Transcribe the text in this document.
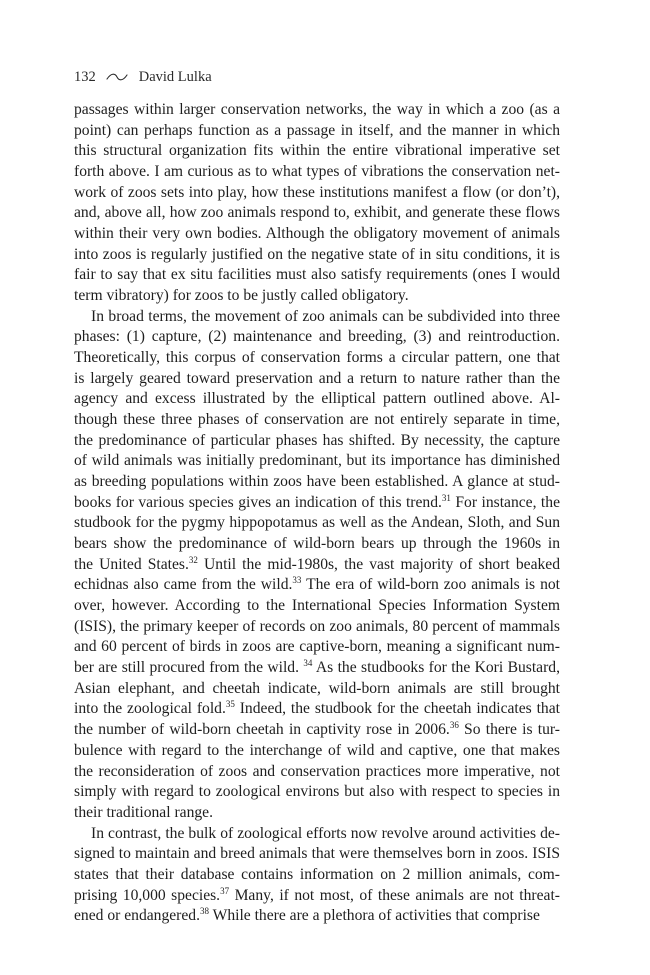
132	David Lulka
passages within larger conservation networks, the way in which a zoo (as a
point) can perhaps function as a passage in itself, and the manner in which
this structural organization fits within the entire vibrational imperative set
forth above. I am curious as to what types of vibrations the conservation net-
work of zoos sets into play, how these institutions manifest a flow (or don’t),
and, above all, how zoo animals respond to, exhibit, and generate these flows
within their very own bodies. Although the obligatory movement of animals
into zoos is regularly justified on the negative state of in situ conditions, it is
fair to say that ex situ facilities must also satisfy requirements (ones I would
term vibratory) for zoos to be justly called obligatory.
In broad terms, the movement of zoo animals can be subdivided into three
phases: (1) capture, (2) maintenance and breeding, (3) and reintroduction.
Theoretically, this corpus of conservation forms a circular pattern, one that
is largely geared toward preservation and a return to nature rather than the
agency and excess illustrated by the elliptical pattern outlined above. Al-
though these three phases of conservation are not entirely separate in time,
the predominance of particular phases has shifted. By necessity, the capture
of wild animals was initially predominant, but its importance has diminished
as breeding populations within zoos have been established. A glance at stud-
books for various species gives an indication of this trend.$^{31}$ For instance, the
studbook for the pygmy hippopotamus as well as the Andean, Sloth, and Sun
bears show the predominance of wild-born bears up through the 1960s in
the United States.$^{32}$ Until the mid-1980s, the vast majority of short beaked
echidnas also came from the wild.$^{33}$ The era of wild-born zoo animals is not
over, however. According to the International Species Information System
(ISIS), the primary keeper of records on zoo animals, 80 percent of mammals
and 60 percent of birds in zoos are captive-born, meaning a significant num-
ber are still procured from the wild. $^{34}$ As the studbooks for the Kori Bustard,
Asian elephant, and cheetah indicate, wild-born animals are still brought
into the zoological fold.$^{35}$ Indeed, the studbook for the cheetah indicates that
the number of wild-born cheetah in captivity rose in 2006.36 So there is tur-
bulence with regard to the interchange of wild and captive, one that makes
the reconsideration of zoos and conservation practices more imperative, not
simply with regard to zoological environs but also with respect to species in
their traditional range.
In contrast, the bulk of zoological efforts now revolve around activities de-
signed to maintain and breed animals that were themselves born in zoos. ISIS
states that their database contains information on 2 million animals, com-
prising 10,000 species.$^{37}$ Many, if not most, of these animals are not threat-
ened or endangered.$^{38}$ While there are a plethora of activities that comprise
